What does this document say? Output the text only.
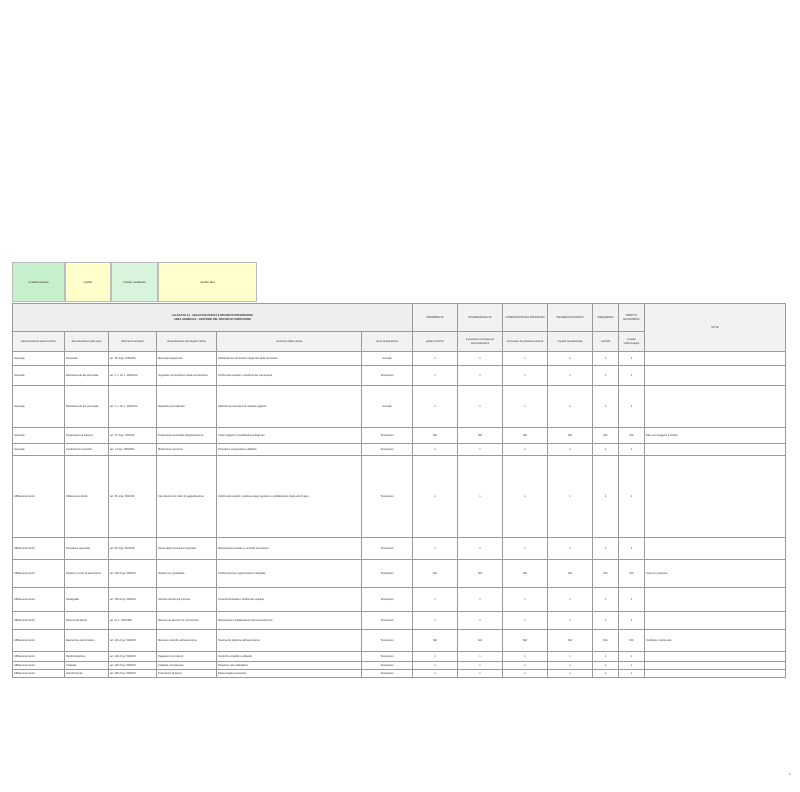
a rischio basso	rischio	rischio moderato	rischio alto
ALLEGATO 1A - ANALISI DEI RISCHI E MISURE DI PREVENZIONE
AREA GENERALE - GESTIONE DEL RISCHIO DI CORRUZIONE						PROBABILITA	DISCREZIONALITA	COMPLESSITA DEL PROCESSO	VALORE ECONOMICO	FREQUENZA	IMPATTO ECONOMICO	NOTE
denominazione area di rischio	denominazione sotto area	riferimenti normativi	denominazione del singolo rischio	contenuto della misura	tempi di attuazione	grado di rischio	il processo coinvolge piu amministrazioni	il processo ha rilevanza esterna	impatto reputazionale	controlli	impatto sull'immagine	
Generale	Personale	art. 35 d.lgs. 165/2001	Mancata trasparenza	Pubblicazione dei bandi e degli esiti delle procedure	Annuale	1	1	1	1	1	1	
Generale	Reclutamento del personale	art. 1, c. 16 L. 190/2012	Irregolare composizione della commissione	Verifica dei requisiti e rotazione dei componenti	Tempestivo	1	1	1	1	1	1	
Generale	Reclutamento del personale	art. 1, c. 16 L. 190/2012	Requisiti personalizzati	Definizione preventiva di requisiti oggettivi	Annuale	1	1	1	1	1	1	
Generale	Progressioni di carriera	art. 37 d.lgs. 33/2013	Progressioni accordate illegittimamente	Criteri oggettivi e pubblicazione degli atti	Tempestivo	N/A	N/A	N/A	N/A	N/A	N/A	Dato non soggetto a rischio
Generale	Conferimento incarichi	art. 7 d.lgs. 165/2001	Motivazione generica	Procedure comparative pubbliche	Tempestivo	1	1	1	1	1	1	
Affidamento lavori	Affidamento diretto	art. 36 d.lgs. 50/2016	Uso distorto dei criteri di aggiudicazione	Verifica dei requisiti, rotazione degli operatori e pubblicazione degli esiti di gara	Tempestivo	1	1	1	1	1	1	
Affidamento lavori	Procedure negoziate	art. 63 d.lgs. 50/2016	Abuso della procedura negoziata	Motivazione puntuale e controllo successivo	Tempestivo	1	1	1	1	1	1	
Affidamento lavori	Varianti in corso di esecuzione	art. 106 d.lgs. 50/2016	Varianti non giustificate	Verifica tecnica e approvazione collegiale	Tempestivo	N/A	N/A	N/A	N/A	N/A	N/A	Area non presente
Affidamento lavori	Subappalto	art. 105 d.lgs. 50/2016	Accordi collusivi tra imprese	Controlli antimafia e verifica dei requisiti	Tempestivo	1	1	1	1	1	1	
Affidamento lavori	Revoca del bando	art. 21 L. 241/1990	Revoca per favorire un concorrente	Motivazione e pubblicazione del provvedimento	Tempestivo	1	1	1	1	1	1	
Affidamento lavori	Esecuzione del contratto	art. 101 d.lgs. 50/2016	Mancato controllo sull'esecuzione	Nomina del direttore dell'esecuzione	Tempestivo	N/A	N/A	N/A	N/A	N/A	N/A	Verificato in altra sede
Affidamento lavori	Rendicontazione	art. 102 d.lgs. 50/2016	Pagamenti non dovuti	Controllo contabile e collaudo	Tempestivo	1	1	1	1	1	1	
Affidamento lavori	Collaudo	art. 102 d.lgs. 50/2016	Collaudo compiacente	Rotazione dei collaudatori	Tempestivo	1	1	1	1	1	1	
Affidamento lavori	Accordi bonari	art. 205 d.lgs. 50/2016	Transazioni di favore	Parere legale preventivo	Tempestivo	1	1	1	1	1	1	
1
